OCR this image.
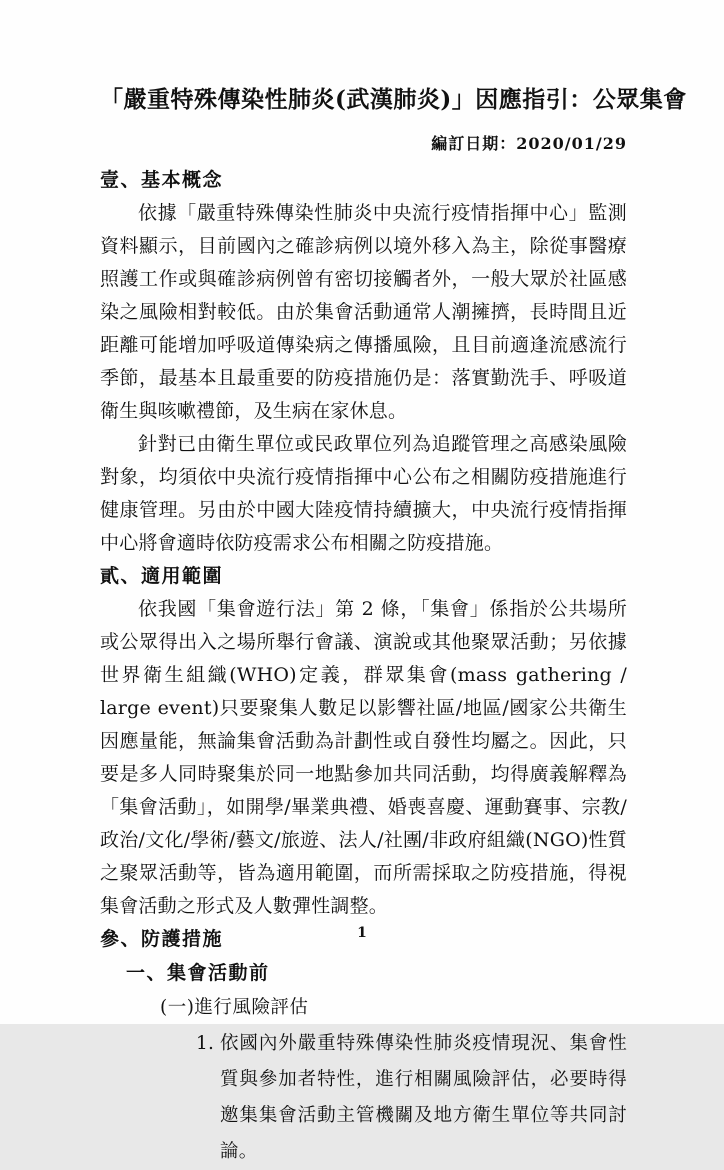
「嚴重特殊傳染性肺炎(武漢肺炎)」因應指引：公眾集會
編訂日期：2020/01/29
壹、基本概念

依據「嚴重特殊傳染性肺炎中央流行疫情指揮中心」監測資料顯示，目前國內之確診病例以境外移入為主，除從事醫療照護工作或與確診病例曾有密切接觸者外，一般大眾於社區感染之風險相對較低。由於集會活動通常人潮擁擠，長時間且近距離可能增加呼吸道傳染病之傳播風險，且目前適逢流感流行季節，最基本且最重要的防疫措施仍是：落實勤洗手、呼吸道衛生與咳嗽禮節，及生病在家休息。

針對已由衛生單位或民政單位列為追蹤管理之高感染風險對象，均須依中央流行疫情指揮中心公布之相關防疫措施進行健康管理。另由於中國大陸疫情持續擴大，中央流行疫情指揮中心將會適時依防疫需求公布相關之防疫措施。

貳、適用範圍

依我國「集會遊行法」第 2 條，「集會」係指於公共場所或公眾得出入之場所舉行會議、演說或其他聚眾活動；另依據世界衛生組織(WHO)定義，群眾集會(mass gathering / large event)只要聚集人數足以影響社區/地區/國家公共衛生因應量能，無論集會活動為計劃性或自發性均屬之。因此，只要是多人同時聚集於同一地點參加共同活動，均得廣義解釋為「集會活動」，如開學/畢業典禮、婚喪喜慶、運動賽事、宗教/政治/文化/學術/藝文/旅遊、法人/社團/非政府組織(NGO)性質之聚眾活動等，皆為適用範圍，而所需採取之防疫措施，得視集會活動之形式及人數彈性調整。

參、防護措施
一、集會活動前
(一)進行風險評估
1. 依國內外嚴重特殊傳染性肺炎疫情現況、集會性質與參加者特性，進行相關風險評估，必要時得邀集集會活動主管機關及地方衛生單位等共同討論。
1
